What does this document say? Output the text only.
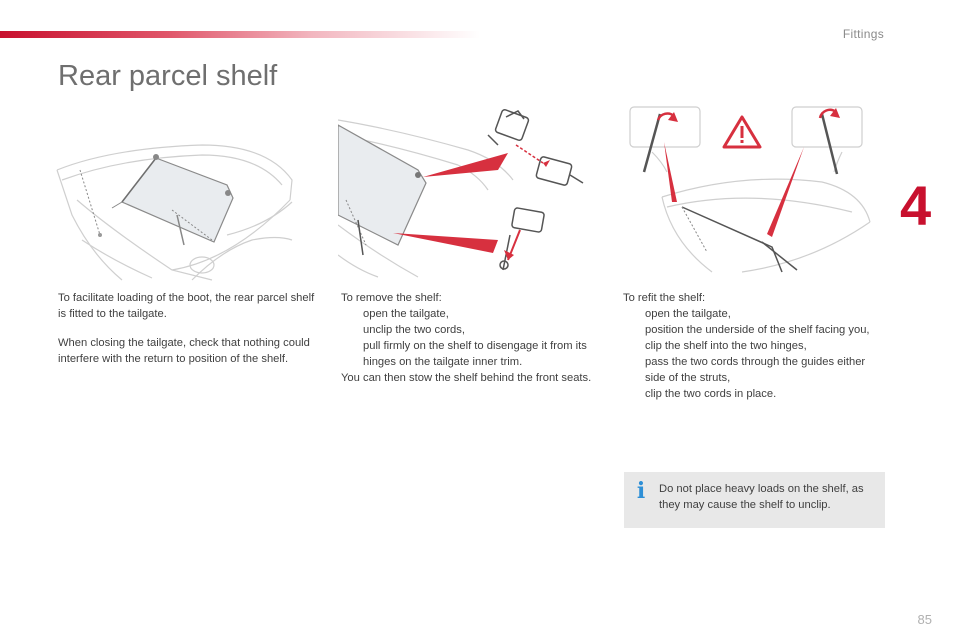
Fittings
4
Rear parcel shelf

To facilitate loading of the boot, the rear parcel shelf is fitted to the tailgate.

When closing the tailgate, check that nothing could interfere with the return to position of the shelf.

To remove the shelf:
open the tailgate,
unclip the two cords,
pull firmly on the shelf to disengage it from its hinges on the tailgate inner trim.
You can then stow the shelf behind the front seats.
To refit the shelf:
open the tailgate,
position the underside of the shelf facing you,
clip the shelf into the two hinges,
pass the two cords through the guides either side of the struts,
clip the two cords in place.
i Do not place heavy loads on the shelf, as they may cause the shelf to unclip.
85
